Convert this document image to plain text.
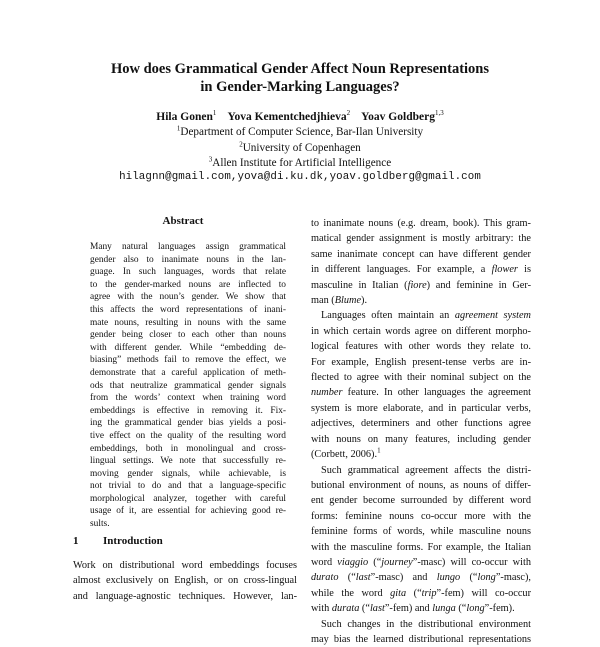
How does Grammatical Gender Affect Noun Representations
in Gender-Marking Languages?
Hila Gonen$^1$ Yova Kementchedjhieva$^2$ Yoav Goldberg$^{1,3}$
$^1$Department of Computer Science, Bar-Ilan University
$^2$University of Copenhagen
$^3$Allen Institute for Artificial Intelligence
hilagnn@gmail.com,yova@di.ku.dk,yoav.goldberg@gmail.com
Abstract
Many natural languages assign grammatical
gender also to inanimate nouns in the lan-
guage. In such languages, words that relate
to the gender-marked nouns are inflected to
agree with the noun’s gender. We show that
this affects the word representations of inani-
mate nouns, resulting in nouns with the same
gender being closer to each other than nouns
with different gender. While “embedding de-
biasing” methods fail to remove the effect, we
demonstrate that a careful application of meth-
ods that neutralize grammatical gender signals
from the words’ context when training word
embeddings is effective in removing it. Fix-
ing the grammatical gender bias yields a posi-
tive effect on the quality of the resulting word
embeddings, both in monolingual and cross-
lingual settings. We note that successfully re-
moving gender signals, while achievable, is
not trivial to do and that a language-specific
morphological analyzer, together with careful
usage of it, are essential for achieving good re-
sults.
1 Introduction
Work on distributional word embeddings focuses
almost exclusively on English, or on cross-lingual
and language-agnostic techniques. However, lan-
to inanimate nouns (e.g. dream, book). This gram-
matical gender assignment is mostly arbitrary: the
same inanimate concept can have different gender
in different languages. For example, a flower is
masculine in Italian (fiore) and feminine in Ger-
man (Blume).
Languages often maintain an agreement system
in which certain words agree on different morpho-
logical features with other words they relate to.
For example, English present-tense verbs are in-
flected to agree with their nominal subject on the
number feature. In other languages the agreement
system is more elaborate, and in particular verbs,
adjectives, determiners and other functions agree
with nouns on many features, including gender
(Corbett, 2006).$^1$
Such grammatical agreement affects the distri-
butional environment of nouns, as nouns of differ-
ent gender become surrounded by different word
forms: feminine nouns co-occur more with the
feminine forms of words, while masculine nouns
with the masculine forms. For example, the Italian
word viaggio (“journey”-masc) will co-occur with
durato (“last”-masc) and lungo (“long”-masc),
while the word gita (“trip”-fem) will co-occur
with durata (“last”-fem) and lunga (“long”-fem).
Such changes in the distributional environment
may bias the learned distributional representations
